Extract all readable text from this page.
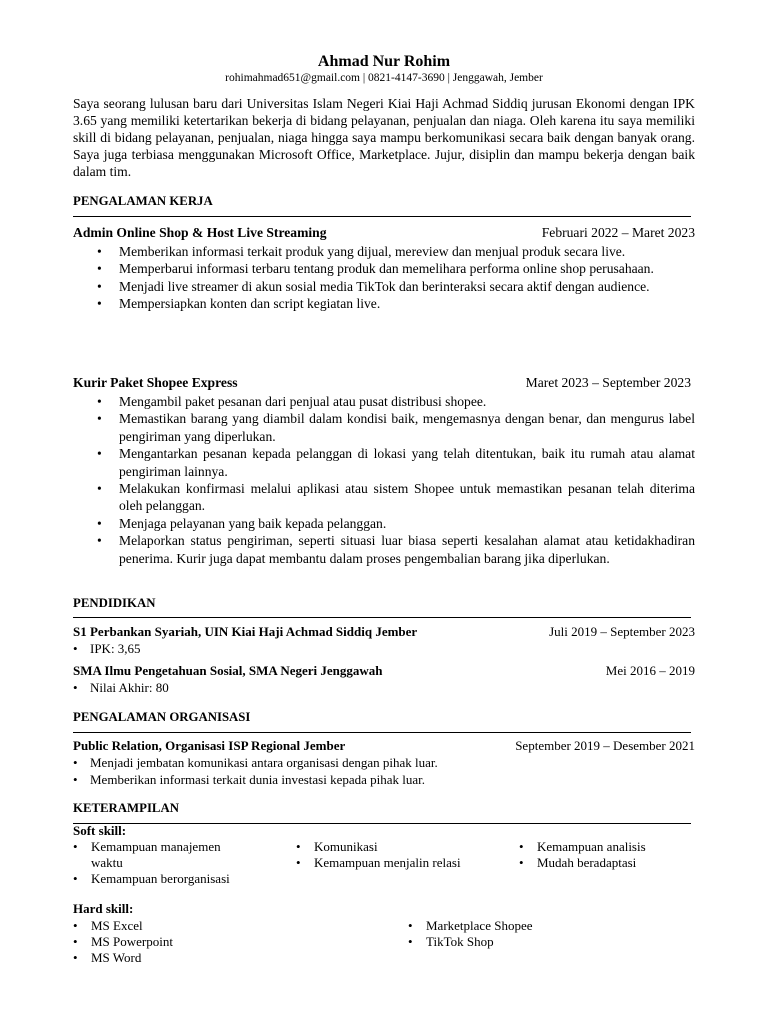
Ahmad Nur Rohim
rohimahmad651@gmail.com | 0821-4147-3690 | Jenggawah, Jember

Saya seorang lulusan baru dari Universitas Islam Negeri Kiai Haji Achmad Siddiq jurusan Ekonomi dengan IPK 3.65 yang memiliki ketertarikan bekerja di bidang pelayanan, penjualan dan niaga. Oleh karena itu saya memiliki skill di bidang pelayanan, penjualan, niaga hingga saya mampu berkomunikasi secara baik dengan banyak orang. Saya juga terbiasa menggunakan Microsoft Office, Marketplace. Jujur, disiplin dan mampu bekerja dengan baik dalam tim.

PENGALAMAN KERJA
Admin Online Shop & Host Live Streaming	Februari 2022 – Maret 2023
• Memberikan informasi terkait produk yang dijual, mereview dan menjual produk secara live.
• Memperbarui informasi terbaru tentang produk dan memelihara performa online shop perusahaan.
• Menjadi live streamer di akun sosial media TikTok dan berinteraksi secara aktif dengan audience.
• Mempersiapkan konten dan script kegiatan live.
Kurir Paket Shopee Express	Maret 2023 – September 2023
• Mengambil paket pesanan dari penjual atau pusat distribusi shopee.
• Memastikan barang yang diambil dalam kondisi baik, mengemasnya dengan benar, dan mengurus label pengiriman yang diperlukan.
• Mengantarkan pesanan kepada pelanggan di lokasi yang telah ditentukan, baik itu rumah atau alamat pengiriman lainnya.
• Melakukan konfirmasi melalui aplikasi atau sistem Shopee untuk memastikan pesanan telah diterima oleh pelanggan.
• Menjaga pelayanan yang baik kepada pelanggan.
• Melaporkan status pengiriman, seperti situasi luar biasa seperti kesalahan alamat atau ketidakhadiran penerima. Kurir juga dapat membantu dalam proses pengembalian barang jika diperlukan.
PENDIDIKAN
S1 Perbankan Syariah, UIN Kiai Haji Achmad Siddiq Jember	Juli 2019 – September 2023
• IPK: 3,65
SMA Ilmu Pengetahuan Sosial, SMA Negeri Jenggawah	Mei 2016 – 2019
• Nilai Akhir: 80
PENGALAMAN ORGANISASI
Public Relation, Organisasi ISP Regional Jember	September 2019 – Desember 2021
• Menjadi jembatan komunikasi antara organisasi dengan pihak luar.
• Memberikan informasi terkait dunia investasi kepada pihak luar.
KETERAMPILAN
Soft skill:
• Kemampuan manajemen waktu
• Kemampuan berorganisasi
• Komunikasi
• Kemampuan menjalin relasi
• Kemampuan analisis
• Mudah beradaptasi
Hard skill:
• MS Excel
• MS Powerpoint
• MS Word
• Marketplace Shopee
• TikTok Shop
